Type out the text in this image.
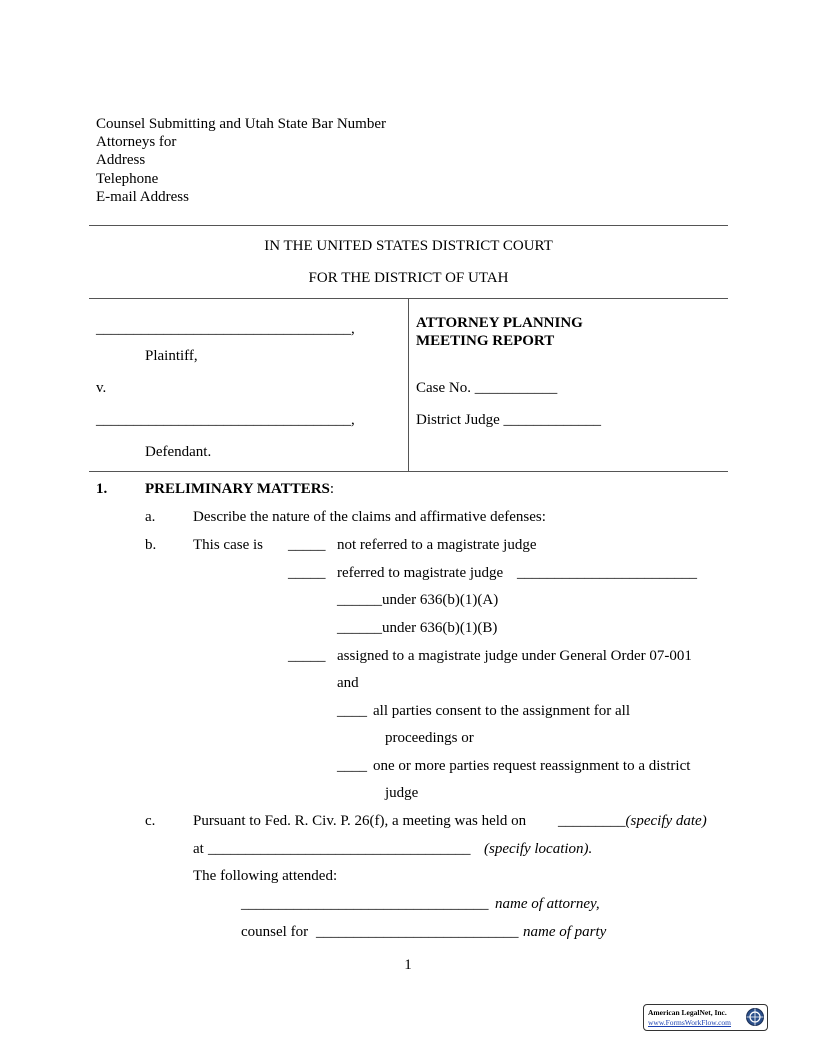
Counsel Submitting and Utah State Bar Number
Attorneys for
Address
Telephone
E-mail Address
IN THE UNITED STATES DISTRICT COURT
FOR THE DISTRICT OF UTAH
__________________________________,
Plaintiff,
v.
__________________________________,
Defendant.
ATTORNEY PLANNING
MEETING REPORT
Case No. ___________
District Judge _____________
1.	PRELIMINARY MATTERS:
a.	Describe the nature of the claims and affirmative defenses:
b. This case is _____ not referred to a magistrate judge
_____ referred to magistrate judge ________________________
______under 636(b)(1)(A)
______under 636(b)(1)(B)
_____ assigned to a magistrate judge under General Order 07-001
and
____ all parties consent to the assignment for all
proceedings or
____ one or more parties request reassignment to a district
judge
c.	Pursuant to Fed. R. Civ. P. 26(f), a meeting was held on _________(specify date)
at ___________________________________ (specify location).
The following attended:
_________________________________ name of attorney,
counsel for ___________________________ name of party
1
American LegalNet, Inc.
www.FormsWorkFlow.com
